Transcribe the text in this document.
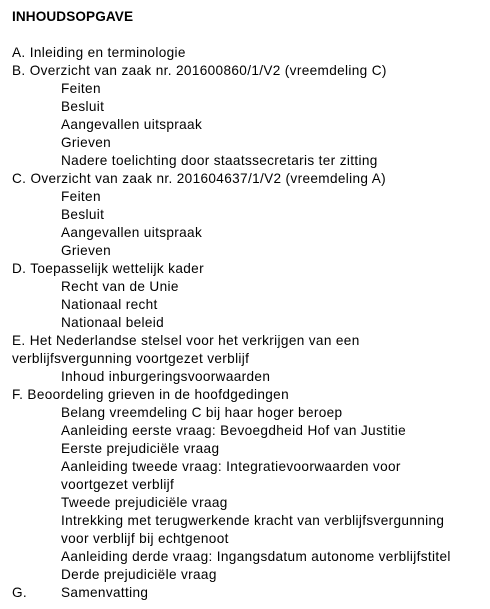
INHOUDSOPGAVE
A. Inleiding en terminologie
B. Overzicht van zaak nr. 201600860/1/V2 (vreemdeling C)
Feiten
Besluit
Aangevallen uitspraak
Grieven
Nadere toelichting door staatssecretaris ter zitting
C. Overzicht van zaak nr. 201604637/1/V2 (vreemdeling A)
Feiten
Besluit
Aangevallen uitspraak
Grieven
D. Toepasselijk wettelijk kader
Recht van de Unie
Nationaal recht
Nationaal beleid
E. Het Nederlandse stelsel voor het verkrijgen van een
verblijfsvergunning voortgezet verblijf
Inhoud inburgeringsvoorwaarden
F. Beoordeling grieven in de hoofdgedingen
Belang vreemdeling C bij haar hoger beroep
Aanleiding eerste vraag: Bevoegdheid Hof van Justitie
Eerste prejudiciële vraag
Aanleiding tweede vraag: Integratievoorwaarden voor
voortgezet verblijf
Tweede prejudiciële vraag
Intrekking met terugwerkende kracht van verblijfsvergunning
voor verblijf bij echtgenoot
Aanleiding derde vraag: Ingangsdatum autonome verblijfstitel
Derde prejudiciële vraag
G. Samenvatting
